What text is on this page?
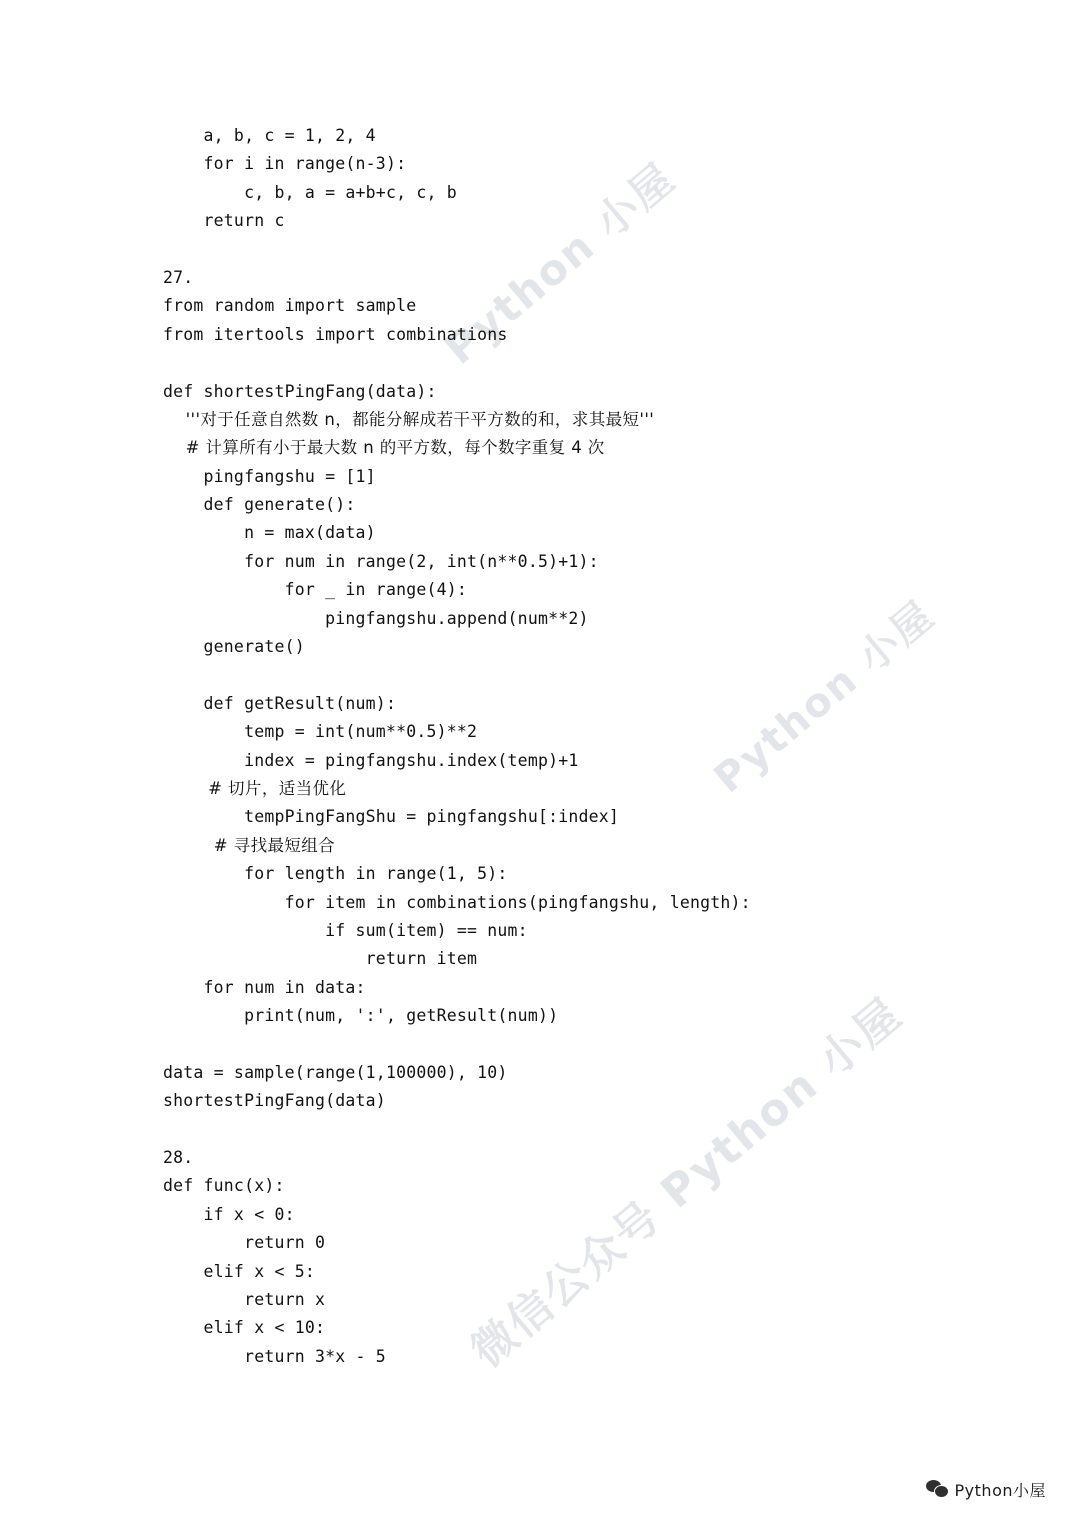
Python 小屋
Python 小屋
微信公众号 Python 小屋
a, b, c = 1, 2, 4
for i in range(n-3):
c, b, a = a+b+c, c, b
return c

27.
from random import sample
from itertools import combinations

def shortestPingFang(data):
'''对于任意自然数 n，都能分解成若干平方数的和，求其最短'''
# 计算所有小于最大数 n 的平方数，每个数字重复 4 次
pingfangshu = [1]
def generate():
n = max(data)
for num in range(2, int(n**0.5)+1):
for _ in range(4):
pingfangshu.append(num**2)
generate()

def getResult(num):
temp = int(num**0.5)**2
index = pingfangshu.index(temp)+1
# 切片，适当优化
tempPingFangShu = pingfangshu[:index]
# 寻找最短组合
for length in range(1, 5):
for item in combinations(pingfangshu, length):
if sum(item) == num:
return item
for num in data:
print(num, ':', getResult(num))

data = sample(range(1,100000), 10)
shortestPingFang(data)

28.
def func(x):
if x < 0:
return 0
elif x < 5:
return x
elif x < 10:
return 3*x - 5
Python小屋
